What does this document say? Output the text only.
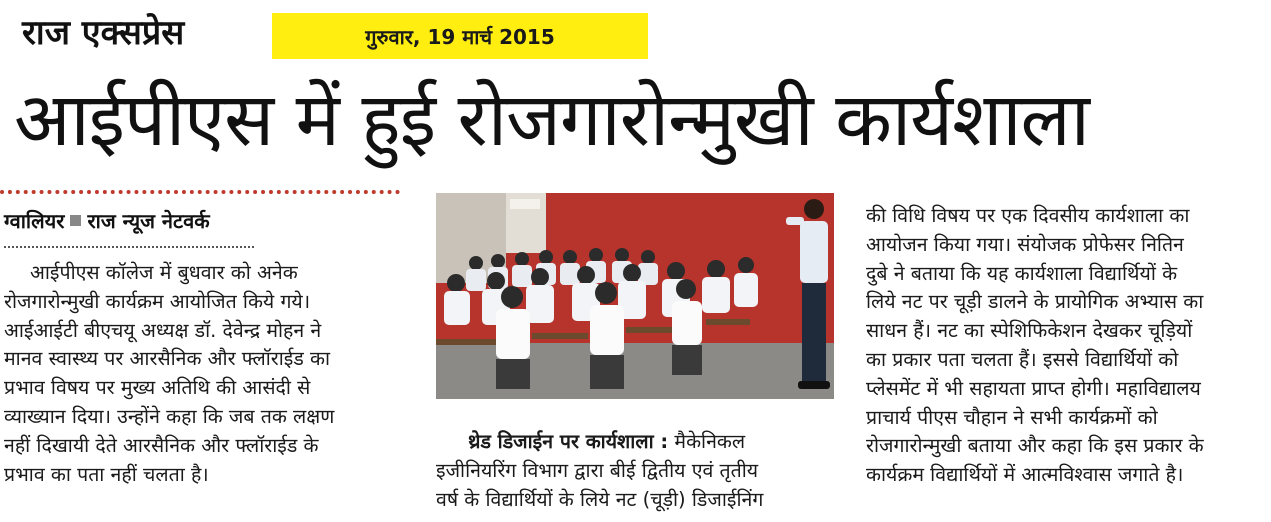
राज एक्सप्रेस	गुरुवार, 19 मार्च 2015
आईपीएस में हुई रोजगारोन्मुखी कार्यशाला
ग्वालियर राज न्यूज नेटवर्क
आईपीएस कॉलेज में बुधवार को अनेक
रोजगारोन्मुखी कार्यक्रम आयोजित किये गये।
आईआईटी बीएचयू अध्यक्ष डॉ. देवेन्द्र मोहन ने
मानव स्वास्थ्य पर आरसैनिक और फ्लॉराईड का
प्रभाव विषय पर मुख्य अतिथि की आसंदी से
व्याख्यान दिया। उन्होंने कहा कि जब तक लक्षण
नहीं दिखायी देते आरसैनिक और फ्लॉराईड के
प्रभाव का पता नहीं चलता है।
थ्रेड डिजाईन पर कार्यशाला : मैकेनिकल
इजीनियरिंग विभाग द्वारा बीई द्वितीय एवं तृतीय
वर्ष के विद्यार्थियों के लिये नट (चूड़ी) डिजाईनिंग
की विधि विषय पर एक दिवसीय कार्यशाला का
आयोजन किया गया। संयोजक प्रोफेसर नितिन
दुबे ने बताया कि यह कार्यशाला विद्यार्थियों के
लिये नट पर चूड़ी डालने के प्रायोगिक अभ्यास का
साधन हैं। नट का स्पेशिफिकेशन देखकर चूड़ियों
का प्रकार पता चलता हैं। इससे विद्यार्थियों को
प्लेसमेंट में भी सहायता प्राप्त होगी। महाविद्यालय
प्राचार्य पीएस चौहान ने सभी कार्यक्रमों को
रोजगारोन्मुखी बताया और कहा कि इस प्रकार के
कार्यक्रम विद्यार्थियों में आत्मविश्वास जगाते है।
